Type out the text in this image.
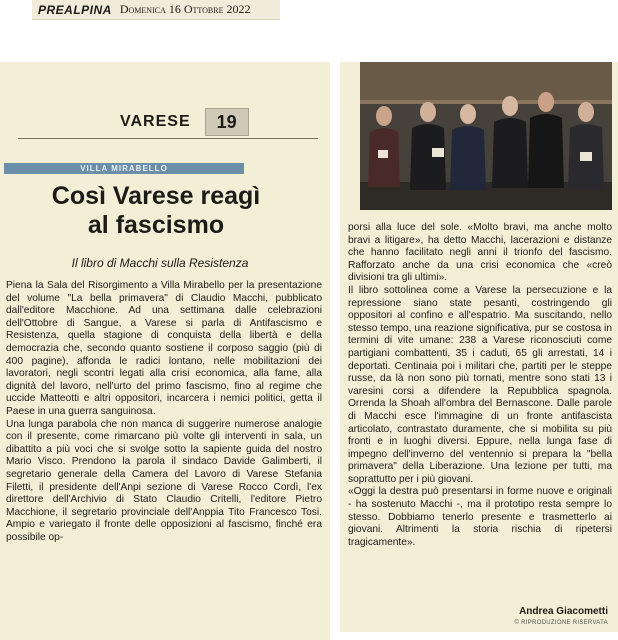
PREALPINA Domenica 16 Ottobre 2022
VARESE	19
VILLA MIRABELLO
Così Varese reagì
al fascismo
Il libro di Macchi sulla Resistenza

Piena la Sala del Risorgimento a Villa Mirabello per la presentazione del volume "La bella primavera" di Claudio Macchi, pubblicato dall'editore Macchione. Ad una settimana dalle celebrazioni dell'Ottobre di Sangue, a Varese si parla di Antifascismo e Resistenza, quella stagione di conquista della libertà e della democrazia che, secondo quanto sostiene il corposo saggio (più di 400 pagine), affonda le radici lontano, nelle mobilitazioni dei lavoratori, negli scontri legati alla crisi economica, alla fame, alla dignità del lavoro, nell'urto del primo fascismo, fino al regime che uccide Matteotti e altri oppositori, incarcera i nemici politici, getta il Paese in una guerra sanguinosa.

Una lunga parabola che non manca di suggerire numerose analogie con il presente, come rimarcano più volte gli interventi in sala, un dibattito a più voci che si svolge sotto la sapiente guida del nostro Mario Visco. Prendono la parola il sindaco Davide Galimberti, il segretario generale della Camera del Lavoro di Varese Stefania Filetti, il presidente dell'Anpi sezione di Varese Rocco Cordì, l'ex direttore dell'Archivio di Stato Claudio Critelli, l'editore Pietro Macchione, il segretario provinciale dell'Anppia Tito Francesco Tosi. Ampio e variegato il fronte delle opposizioni al fascismo, finché era possibile op-

porsi alla luce del sole. «Molto bravi, ma anche molto bravi a litigare», ha detto Macchi, lacerazioni e distanze che hanno facilitato negli anni il trionfo del fascismo. Rafforzato anche da una crisi economica che «creò divisioni tra gli ultimi».

Il libro sottolinea come a Varese la persecuzione e la repressione siano state pesanti, costringendo gli oppositori al confino e all'espatrio. Ma suscitando, nello stesso tempo, una reazione significativa, pur se costosa in termini di vite umane: 238 a Varese riconosciuti come partigiani combattenti, 35 i caduti, 65 gli arrestati, 14 i deportati. Centinaia poi i militari che, partiti per le steppe russe, da là non sono più tornati, mentre sono stati 13 i varesini corsi a difendere la Repubblica spagnola. Orrenda la Shoah all'ombra del Bernascone. Dalle parole di Macchi esce l'immagine di un fronte antifascista articolato, contrastato duramente, che si mobilita su più fronti e in luoghi diversi. Eppure, nella lunga fase di impegno dell'inverno del ventennio si prepara la "bella primavera" della Liberazione. Una lezione per tutti, ma soprattutto per i più giovani.

«Oggi la destra può presentarsi in forme nuove e originali - ha sostenuto Macchi -, ma il prototipo resta sempre lo stesso. Dobbiamo tenerlo presente e trasmetterlo ai giovani. Altrimenti la storia rischia di ripetersi tragicamente».

Andrea Giacometti
© RIPRODUZIONE RISERVATA
